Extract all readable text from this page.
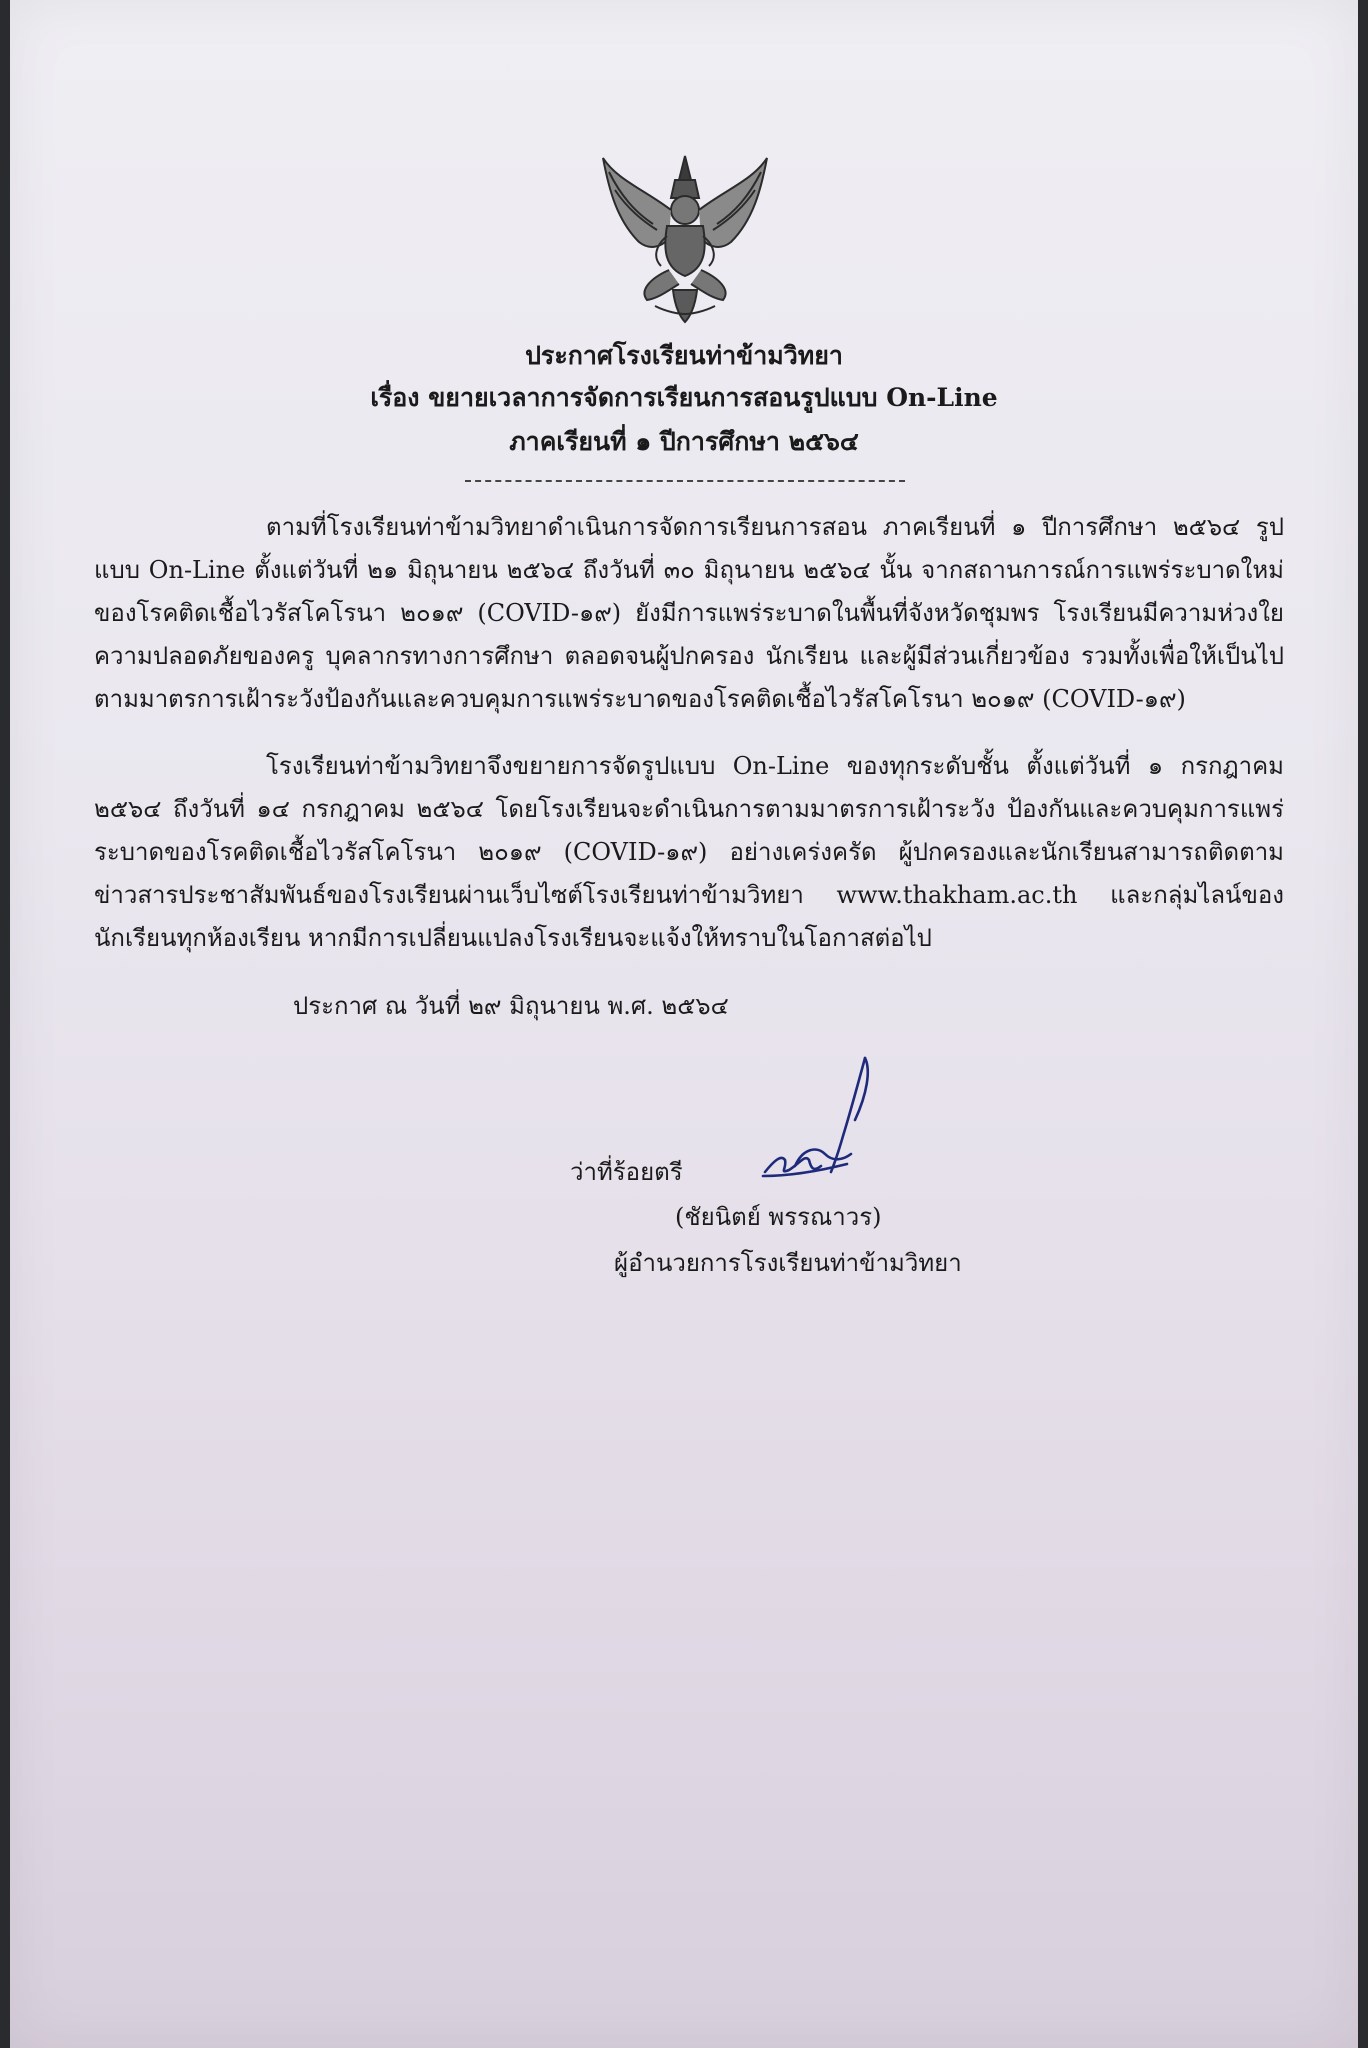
ประกาศโรงเรียนท่าข้ามวิทยา
เรื่อง ขยายเวลาการจัดการเรียนการสอนรูปแบบ On-Line
ภาคเรียนที่ ๑ ปีการศึกษา ๒๕๖๔

ตามที่โรงเรียนท่าข้ามวิทยาดำเนินการจัดการเรียนการสอน ภาคเรียนที่ ๑ ปีการศึกษา ๒๕๖๔ รูปแบบ On-Line ตั้งแต่วันที่ ๒๑ มิถุนายน ๒๕๖๔ ถึงวันที่ ๓๐ มิถุนายน ๒๕๖๔ นั้น จากสถานการณ์การแพร่ระบาดใหม่ของโรคติดเชื้อไวรัสโคโรนา ๒๐๑๙ (COVID-๑๙) ยังมีการแพร่ระบาดในพื้นที่จังหวัดชุมพร โรงเรียนมีความห่วงใย ความปลอดภัยของครู บุคลากรทางการศึกษา ตลอดจนผู้ปกครอง นักเรียน และผู้มีส่วนเกี่ยวข้อง รวมทั้งเพื่อให้เป็นไปตามมาตรการเฝ้าระวังป้องกันและควบคุมการแพร่ระบาดของโรคติดเชื้อไวรัสโคโรนา ๒๐๑๙ (COVID-๑๙)

โรงเรียนท่าข้ามวิทยาจึงขยายการจัดรูปแบบ On-Line ของทุกระดับชั้น ตั้งแต่วันที่ ๑ กรกฎาคม ๒๕๖๔ ถึงวันที่ ๑๔ กรกฎาคม ๒๕๖๔ โดยโรงเรียนจะดำเนินการตามมาตรการเฝ้าระวัง ป้องกันและควบคุมการแพร่ระบาดของโรคติดเชื้อไวรัสโคโรนา ๒๐๑๙ (COVID-๑๙) อย่างเคร่งครัด ผู้ปกครองและนักเรียนสามารถติดตามข่าวสารประชาสัมพันธ์ของโรงเรียนผ่านเว็บไซต์โรงเรียนท่าข้ามวิทยา www.thakham.ac.th และกลุ่มไลน์ของนักเรียนทุกห้องเรียน หากมีการเปลี่ยนแปลงโรงเรียนจะแจ้งให้ทราบในโอกาสต่อไป

ประกาศ ณ วันที่ ๒๙ มิถุนายน พ.ศ. ๒๕๖๔
ว่าที่ร้อยตรี
(ชัยนิตย์ พรรณาวร)
ผู้อำนวยการโรงเรียนท่าข้ามวิทยา
